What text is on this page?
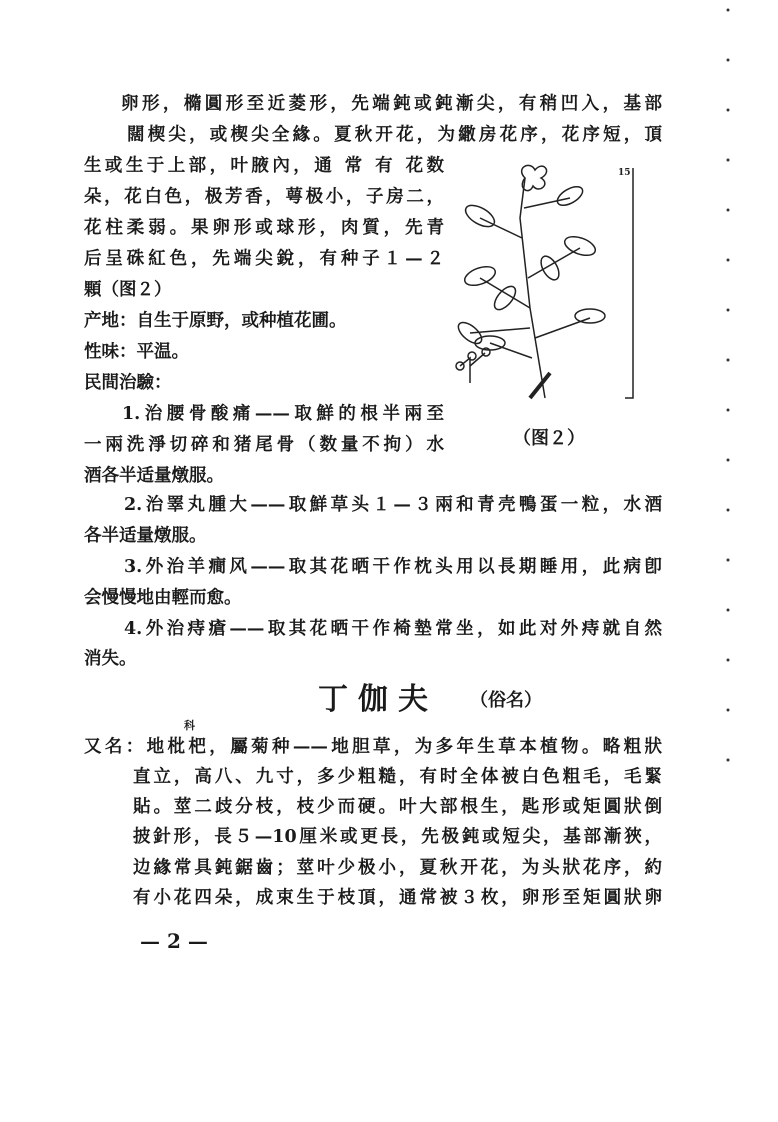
卵形，橢圓形至近菱形，先端鈍或鈍漸尖，有稍凹入，基部
闊楔尖，或楔尖全緣。夏秋开花，为繖房花序，花序短，頂
生或生于上部，叶腋內，通 常 有 花数
朵，花白色，极芳香，萼极小，子房二，
花柱柔弱。果卵形或球形，肉質，先青
后呈硃紅色，先端尖銳，有种子１—２
顆（图２）
产地：自生于原野，或种植花圃。
性味：平温。
民間治驗：
1.治腰骨酸痛——取鮮的根半兩至
一兩洗淨切碎和猪尾骨（数量不拘）水
酒各半适量燉服。
2.治睪丸腫大——取鮮草头１—３兩和青壳鴨蛋一粒，水酒
各半适量燉服。
3.外治羊癎风——取其花晒干作枕头用以長期睡用，此病卽
会慢慢地由輕而愈。
4.外治痔瘡——取其花晒干作椅墊常坐，如此对外痔就自然
消失。
15
（图２）
丁伽夫 （俗名）
科
又名：地枇杷，屬菊种——地胆草，为多年生草本植物。略粗狀
直立，高八、九寸，多少粗糙，有时全体被白色粗毛，毛緊
貼。莖二歧分枝，枝少而硬。叶大部根生，匙形或矩圓狀倒
披針形，長５—10厘米或更長，先极鈍或短尖，基部漸狹，
边緣常具鈍鋸齒；莖叶少极小，夏秋开花，为头狀花序，約
有小花四朵，成束生于枝頂，通常被３枚，卵形至矩圓狀卵
— 2 —
